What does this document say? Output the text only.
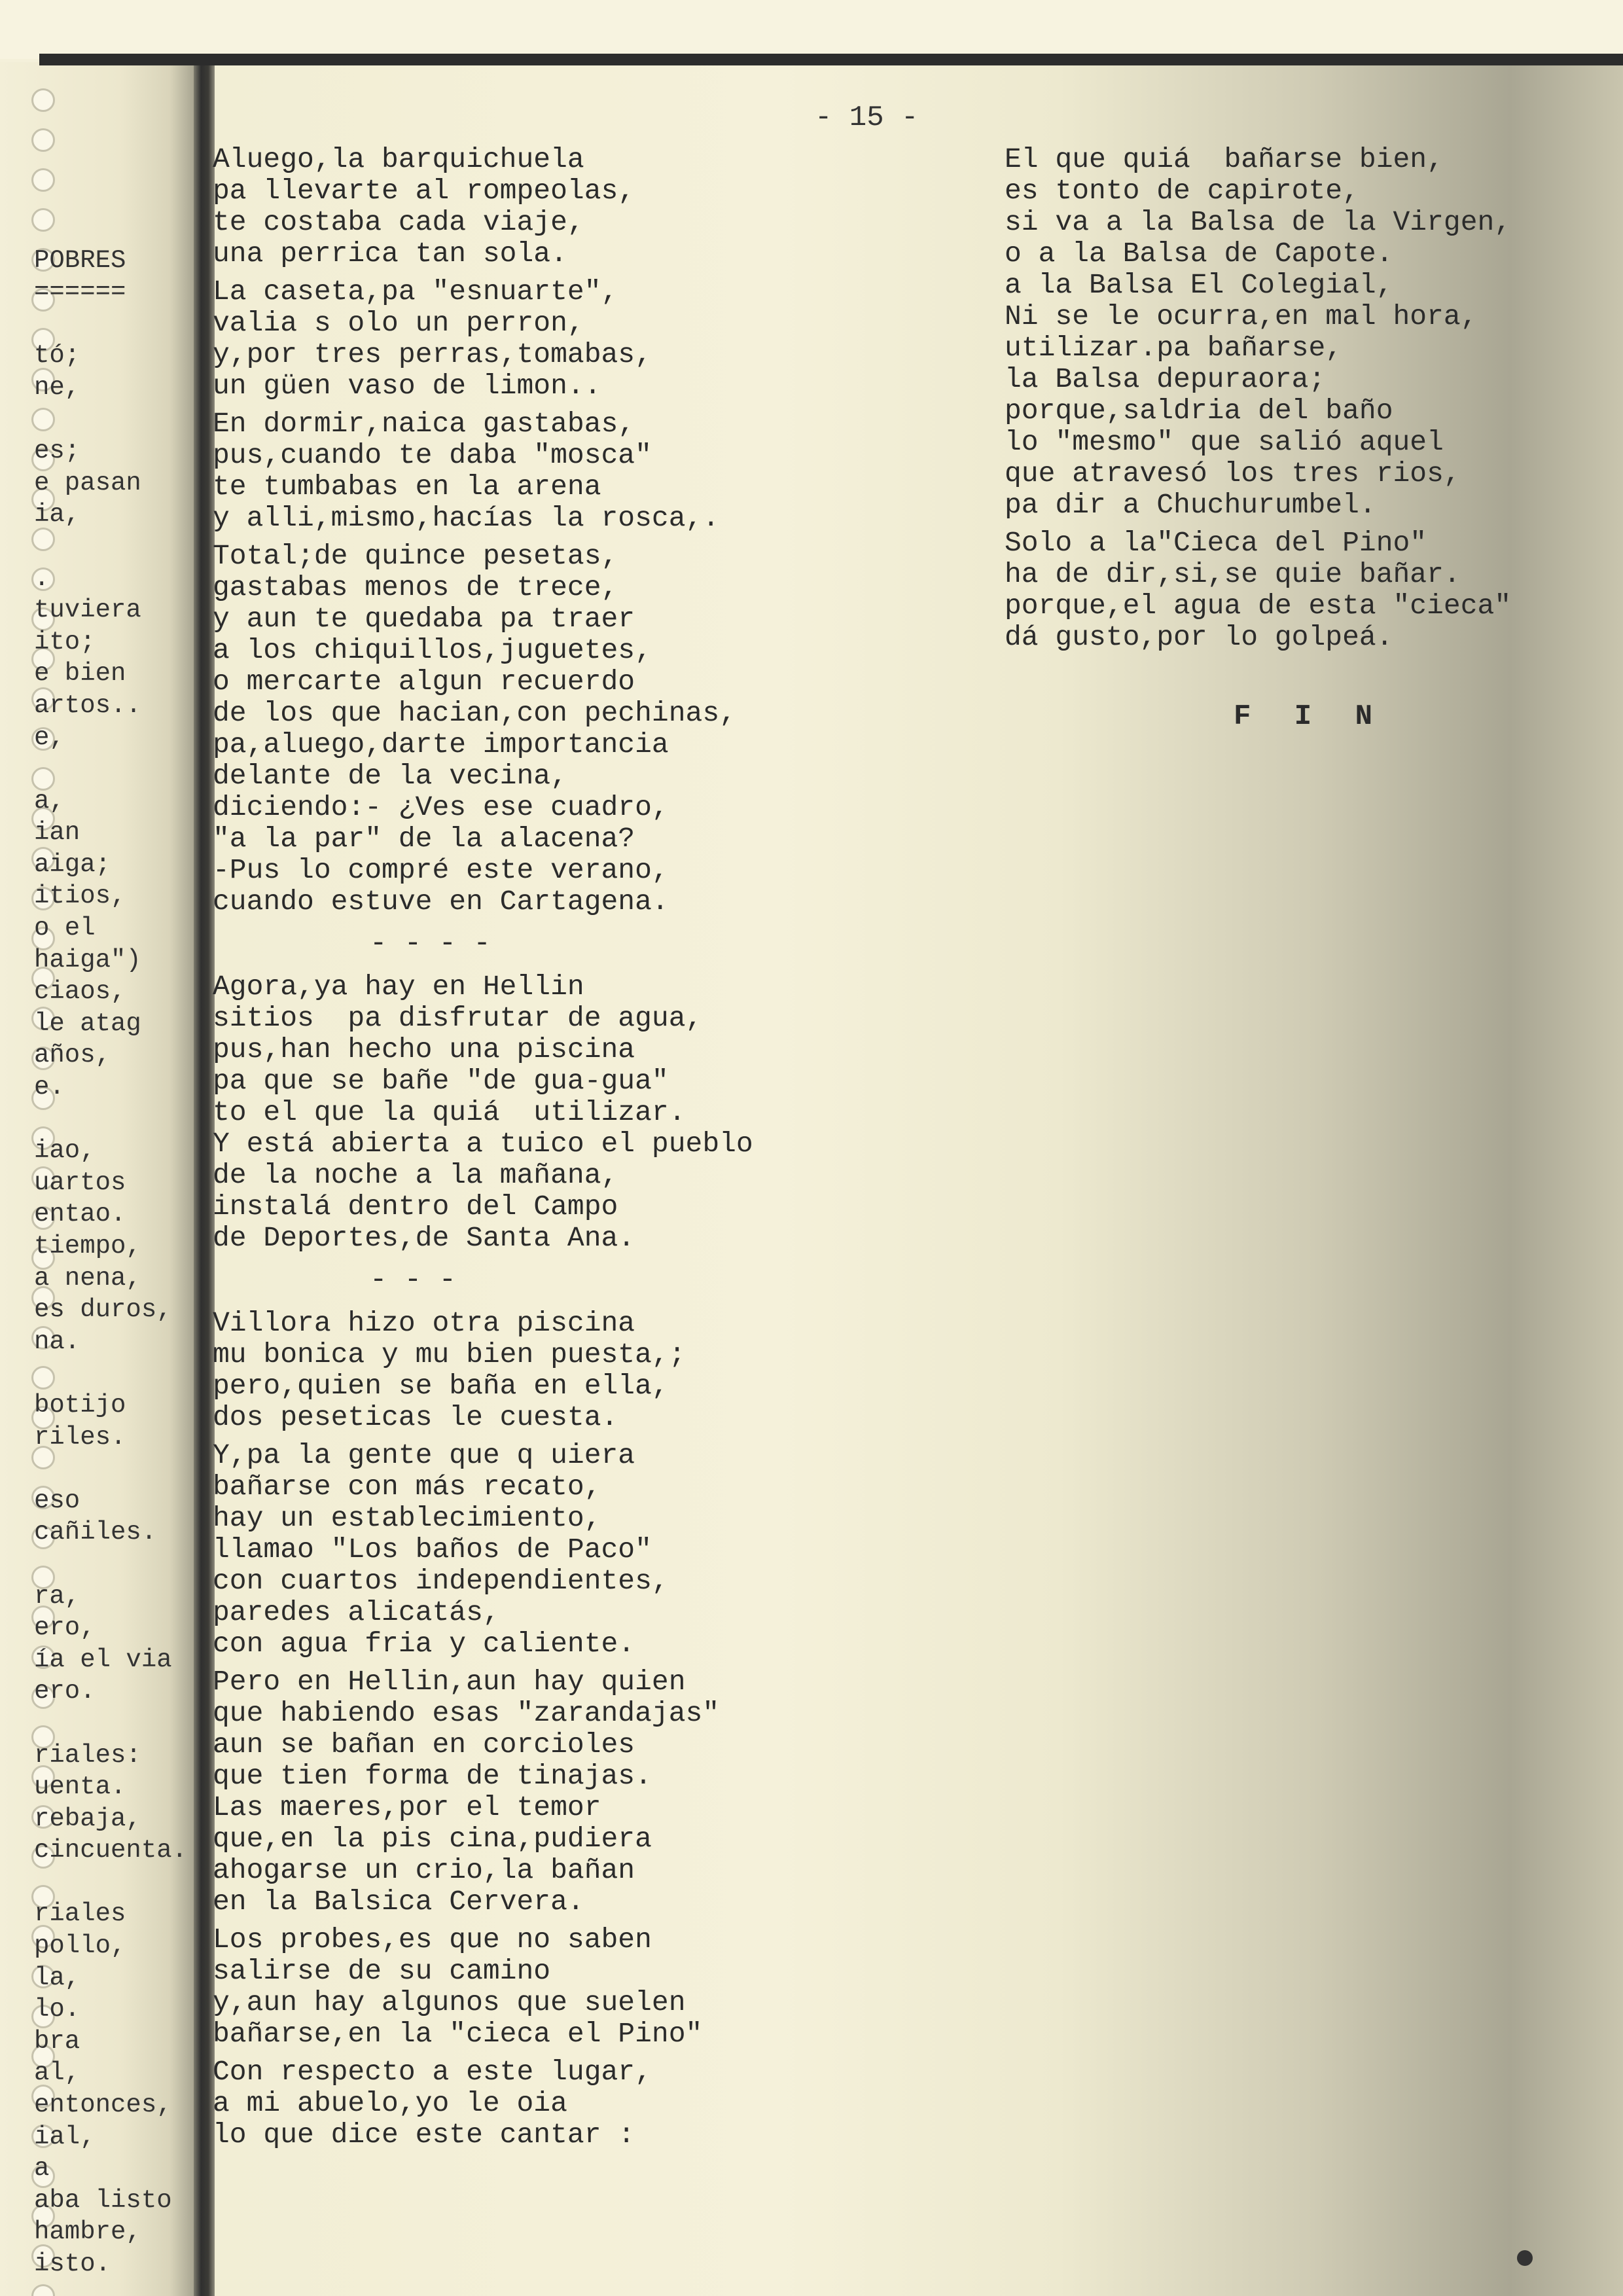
POBRES
======
tó;
ne,
es;
e pasan
ia,
.
tuviera
ito;
e bien
artos..
e,
a,
ian
aiga;
itios,
o el
haiga")
ciaos,
le atag
años,
e.
iao,
uartos
entao.
tiempo,
a nena,
es duros,
na.
botijo
riles.
eso
cañiles.
ra,
ero,
ía el via
ero.
riales:
uenta.
rebaja,
cincuenta.
riales
pollo,
la,
lo.
bra
al,
entonces,
ial,
a
aba listo
hambre,
isto.
- 15 -
Aluego,la barquichuela
pa llevarte al rompeolas,
te costaba cada viaje,
una perrica tan sola.
La caseta,pa "esnuarte",
valia s olo un perron,
y,por tres perras,tomabas,
un güen vaso de limon..
En dormir,naica gastabas,
pus,cuando te daba "mosca"
te tumbabas en la arena
y alli,mismo,hacías la rosca,.
Total;de quince pesetas,
gastabas menos de trece,
y aun te quedaba pa traer
a los chiquillos,juguetes,
o mercarte algun recuerdo
de los que hacian,con pechinas,
pa,aluego,darte importancia
delante de la vecina,
diciendo:- ¿Ves ese cuadro,
"a la par" de la alacena?
-Pus lo compré este verano,
cuando estuve en Cartagena.
- - - -
Agora,ya hay en Hellin
sitios  pa disfrutar de agua,
pus,han hecho una piscina
pa que se bañe "de gua-gua"
to el que la quiá  utilizar.
Y está abierta a tuico el pueblo
de la noche a la mañana,
instalá dentro del Campo
de Deportes,de Santa Ana.
- - -
Villora hizo otra piscina
mu bonica y mu bien puesta,;
pero,quien se baña en ella,
dos peseticas le cuesta.
Y,pa la gente que q uiera
bañarse con más recato,
hay un establecimiento,
llamao "Los baños de Paco"
con cuartos independientes,
paredes alicatás,
con agua fria y caliente.
Pero en Hellin,aun hay quien
que habiendo esas "zarandajas"
aun se bañan en corcioles
que tien forma de tinajas.
Las maeres,por el temor
que,en la pis cina,pudiera
ahogarse un crio,la bañan
en la Balsica Cervera.
Los probes,es que no saben
salirse de su camino
y,aun hay algunos que suelen
bañarse,en la "cieca el Pino"
Con respecto a este lugar,
a mi abuelo,yo le oia
lo que dice este cantar :
El que quiá  bañarse bien,
es tonto de capirote,
si va a la Balsa de la Virgen,
o a la Balsa de Capote.
a la Balsa El Colegial,
Ni se le ocurra,en mal hora,
utilizar.pa bañarse,
la Balsa depuraora;
porque,saldria del baño
lo "mesmo" que salió aquel
que atravesó los tres rios,
pa dir a Chuchurumbel.
Solo a la"Cieca del Pino"
ha de dir,si,se quie bañar.
porque,el agua de esta "cieca"
dá gusto,por lo golpeá.
F I N
